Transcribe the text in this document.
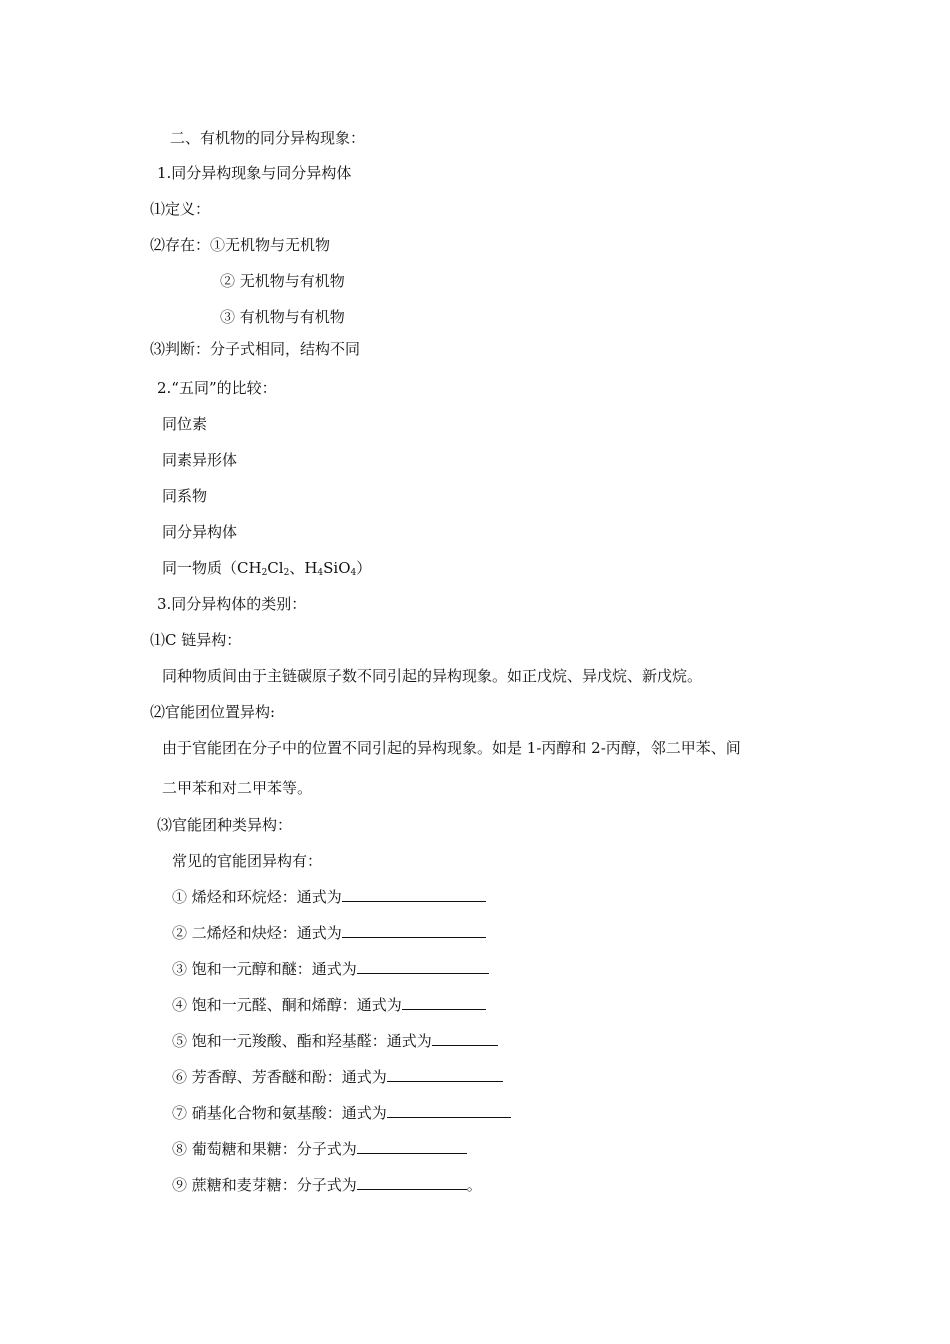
二、有机物的同分异构现象：
1.同分异构现象与同分异构体
⑴定义：
⑵存在：①无机物与无机物
② 无机物与有机物
③ 有机物与有机物
⑶判断：分子式相同，结构不同
2.“五同”的比较：
同位素
同素异形体
同系物
同分异构体
同一物质（$CH_2Cl_2$、$H_4SiO_4$）
3.同分异构体的类别：
⑴C 链异构：
同种物质间由于主链碳原子数不同引起的异构现象。如正戊烷、异戊烷、新戊烷。
⑵官能团位置异构:
由于官能团在分子中的位置不同引起的异构现象。如是 1-丙醇和 2-丙醇，邻二甲苯、间
二甲苯和对二甲苯等。
⑶官能团种类异构：
常见的官能团异构有：
① 烯烃和环烷烃：通式为
② 二烯烃和炔烃：通式为
③ 饱和一元醇和醚：通式为
④ 饱和一元醛、酮和烯醇：通式为
⑤ 饱和一元羧酸、酯和羟基醛：通式为
⑥ 芳香醇、芳香醚和酚：通式为
⑦ 硝基化合物和氨基酸：通式为
⑧ 葡萄糖和果糖：分子式为
⑨ 蔗糖和麦芽糖：分子式为	。
